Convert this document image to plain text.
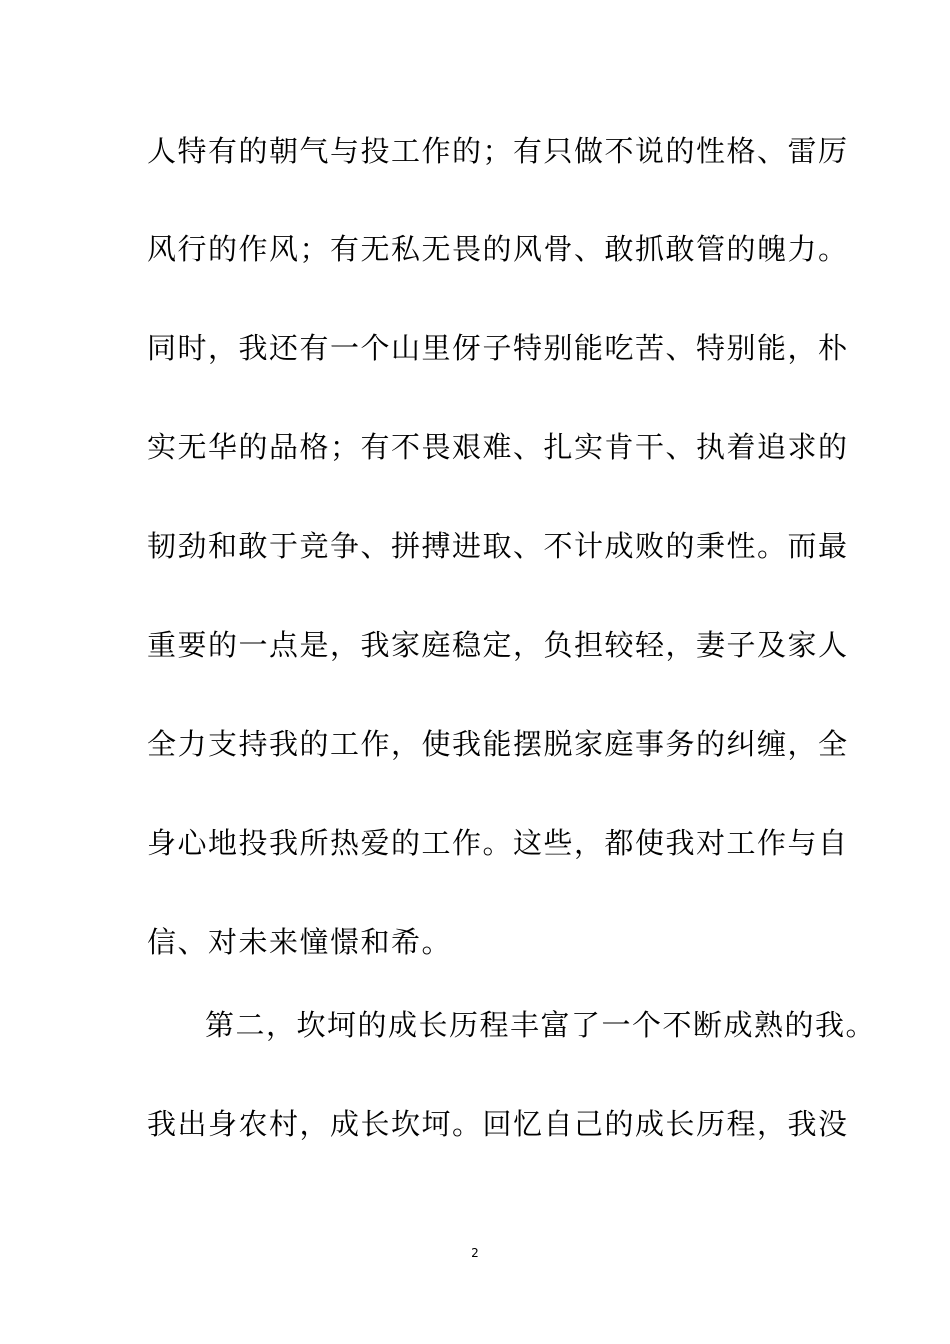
人特有的朝气与投工作的；有只做不说的性格、雷厉
风行的作风；有无私无畏的风骨、敢抓敢管的魄力。
同时，我还有一个山里伢子特别能吃苦、特别能，朴
实无华的品格；有不畏艰难、扎实肯干、执着追求的
韧劲和敢于竞争、拼搏进取、不计成败的秉性。而最
重要的一点是，我家庭稳定，负担较轻，妻子及家人
全力支持我的工作，使我能摆脱家庭事务的纠缠，全
身心地投我所热爱的工作。这些，都使我对工作与自
信、对未来憧憬和希。
第二，坎坷的成长历程丰富了一个不断成熟的我。
我出身农村，成长坎坷。回忆自己的成长历程，我没
2
